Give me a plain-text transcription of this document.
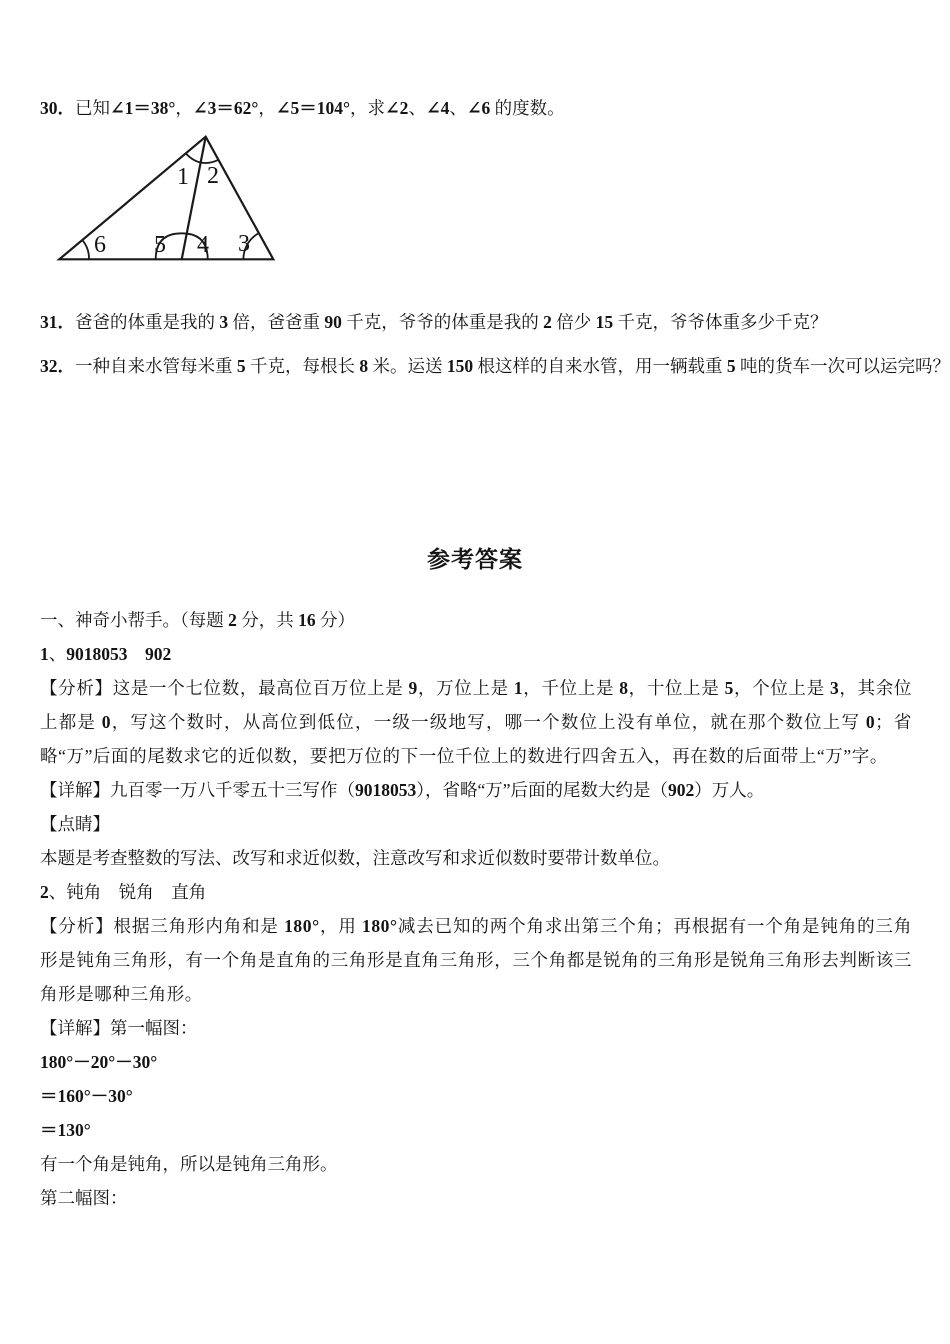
30．已知∠1＝38°，∠3＝62°，∠5＝104°，求∠2、∠4、∠6 的度数。
1 2
6 5 4 3
31．爸爸的体重是我的 3 倍，爸爸重 90 千克，爷爷的体重是我的 2 倍少 15 千克，爷爷体重多少千克？
32．一种自来水管每米重 5 千克，每根长 8 米。运送 150 根这样的自来水管，用一辆载重 5 吨的货车一次可以运完吗？
参考答案
一、神奇小帮手。（每题 2 分，共 16 分）
1、9018053　 902
【分析】这是一个七位数，最高位百万位上是 9，万位上是 1，千位上是 8，十位上是 5，个位上是 3，其余位上都是 0，写这个数时，从高位到低位，一级一级地写，哪一个数位上没有单位，就在那个数位上写 0；省略“万”后面的尾数求它的近似数，要把万位的下一位千位上的数进行四舍五入，再在数的后面带上“万”字。
【详解】九百零一万八千零五十三写作（9018053），省略“万”后面的尾数大约是（902）万人。
【点睛】
本题是考查整数的写法、改写和求近似数，注意改写和求近似数时要带计数单位。
2、钝角　锐角　直角
【分析】根据三角形内角和是 180°，用 180°减去已知的两个角求出第三个角；再根据有一个角是钝角的三角形是钝角三角形，有一个角是直角的三角形是直角三角形，三个角都是锐角的三角形是锐角三角形去判断该三角形是哪种三角形。
【详解】第一幅图：
180°－20°－30°
＝160°－30°
＝130°
有一个角是钝角，所以是钝角三角形。
第二幅图：
